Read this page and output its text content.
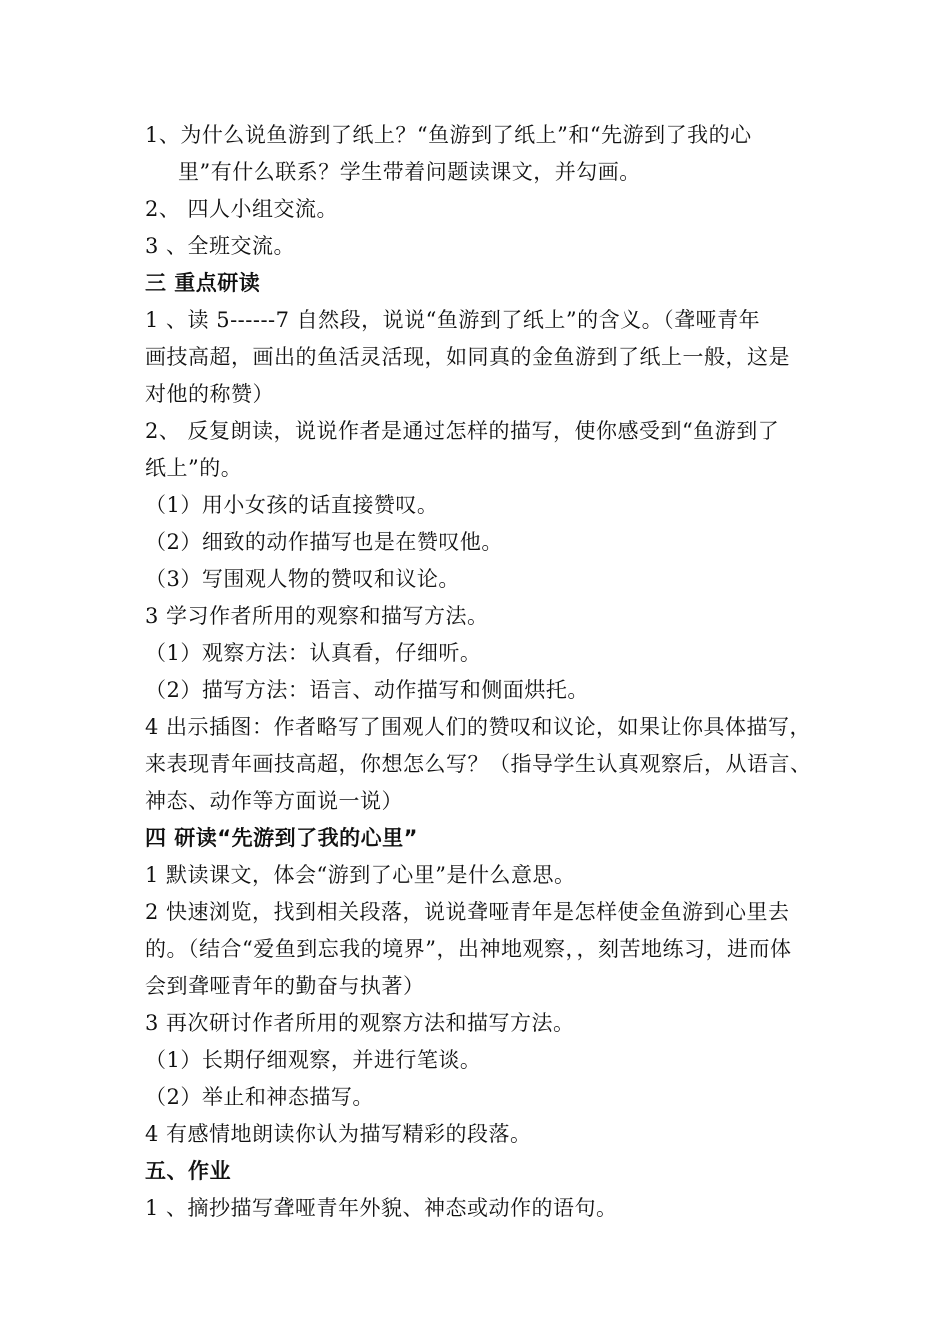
1、为什么说鱼游到了纸上？“鱼游到了纸上”和“先游到了我的心
里”有什么联系？学生带着问题读课文，并勾画。
2、 四人小组交流。
3 、全班交流。
三 重点研读
1 、读 5------7 自然段，说说“鱼游到了纸上”的含义。（聋哑青年
画技高超，画出的鱼活灵活现，如同真的金鱼游到了纸上一般，这是
对他的称赞）
2、 反复朗读，说说作者是通过怎样的描写，使你感受到“鱼游到了
纸上”的。
（1）用小女孩的话直接赞叹。
（2）细致的动作描写也是在赞叹他。
（3）写围观人物的赞叹和议论。
3 学习作者所用的观察和描写方法。
（1）观察方法：认真看，仔细听。
（2）描写方法：语言、动作描写和侧面烘托。
4 出示插图：作者略写了围观人们的赞叹和议论，如果让你具体描写，
来表现青年画技高超，你想怎么写？（指导学生认真观察后，从语言、
神态、动作等方面说一说）
四 研读“先游到了我的心里”
1 默读课文，体会“游到了心里”是什么意思。
2 快速浏览，找到相关段落，说说聋哑青年是怎样使金鱼游到心里去
的。（结合“爱鱼到忘我的境界”，出神地观察，，刻苦地练习，进而体
会到聋哑青年的勤奋与执著）
3 再次研讨作者所用的观察方法和描写方法。
（1）长期仔细观察，并进行笔谈。
（2）举止和神态描写。
4 有感情地朗读你认为描写精彩的段落。
五、作业
1 、摘抄描写聋哑青年外貌、神态或动作的语句。
